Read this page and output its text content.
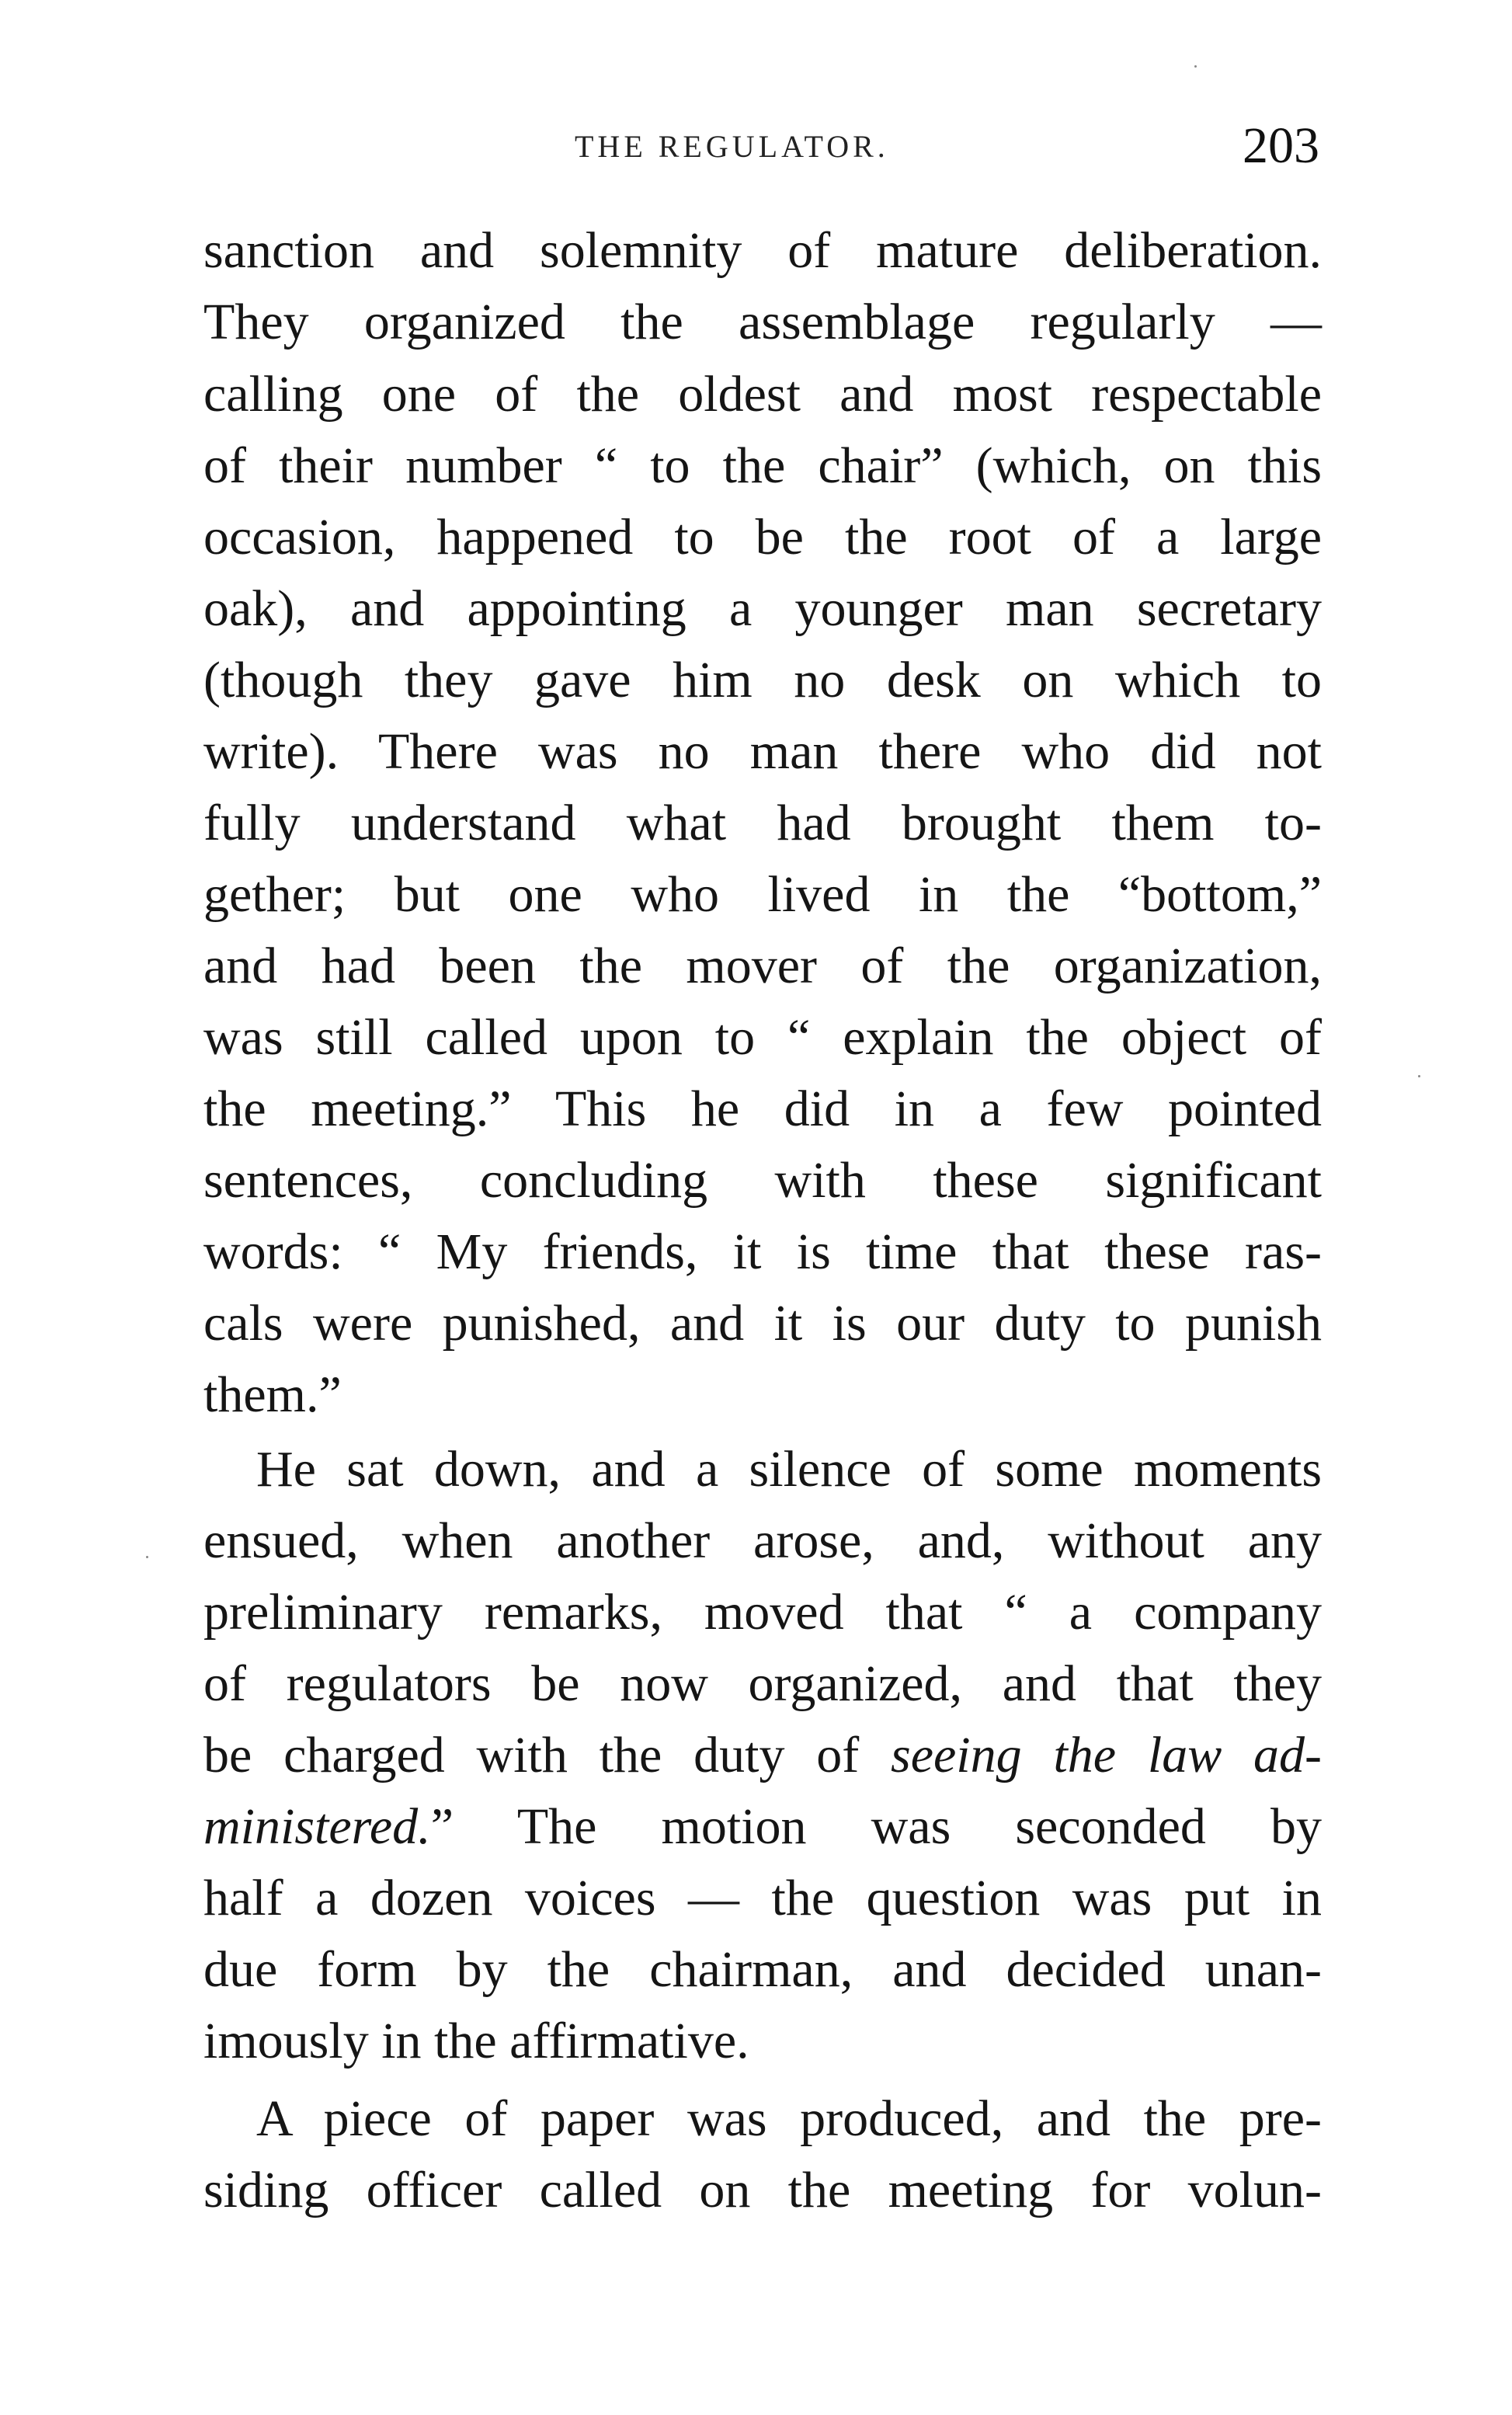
THE REGULATOR.	203
sanction and solemnity of mature deliberation.
They organized the assemblage regularly —
calling one of the oldest and most respectable
of their number “ to the chair” (which, on this
occasion, happened to be the root of a large
oak), and appointing a younger man secretary
(though they gave him no desk on which to
write). There was no man there who did not
fully understand what had brought them to-
gether; but one who lived in the “bottom,”
and had been the mover of the organization,
was still called upon to “ explain the object of
the meeting.” This he did in a few pointed
sentences, concluding with these significant
words: “ My friends, it is time that these ras-
cals were punished, and it is our duty to punish
them.”
He sat down, and a silence of some moments
ensued, when another arose, and, without any
preliminary remarks, moved that “ a company
of regulators be now organized, and that they
be charged with the duty of seeing the law ad-
ministered.” The motion was seconded by
half a dozen voices — the question was put in
due form by the chairman, and decided unan-
imously in the affirmative.
A piece of paper was produced, and the pre-
siding officer called on the meeting for volun-
